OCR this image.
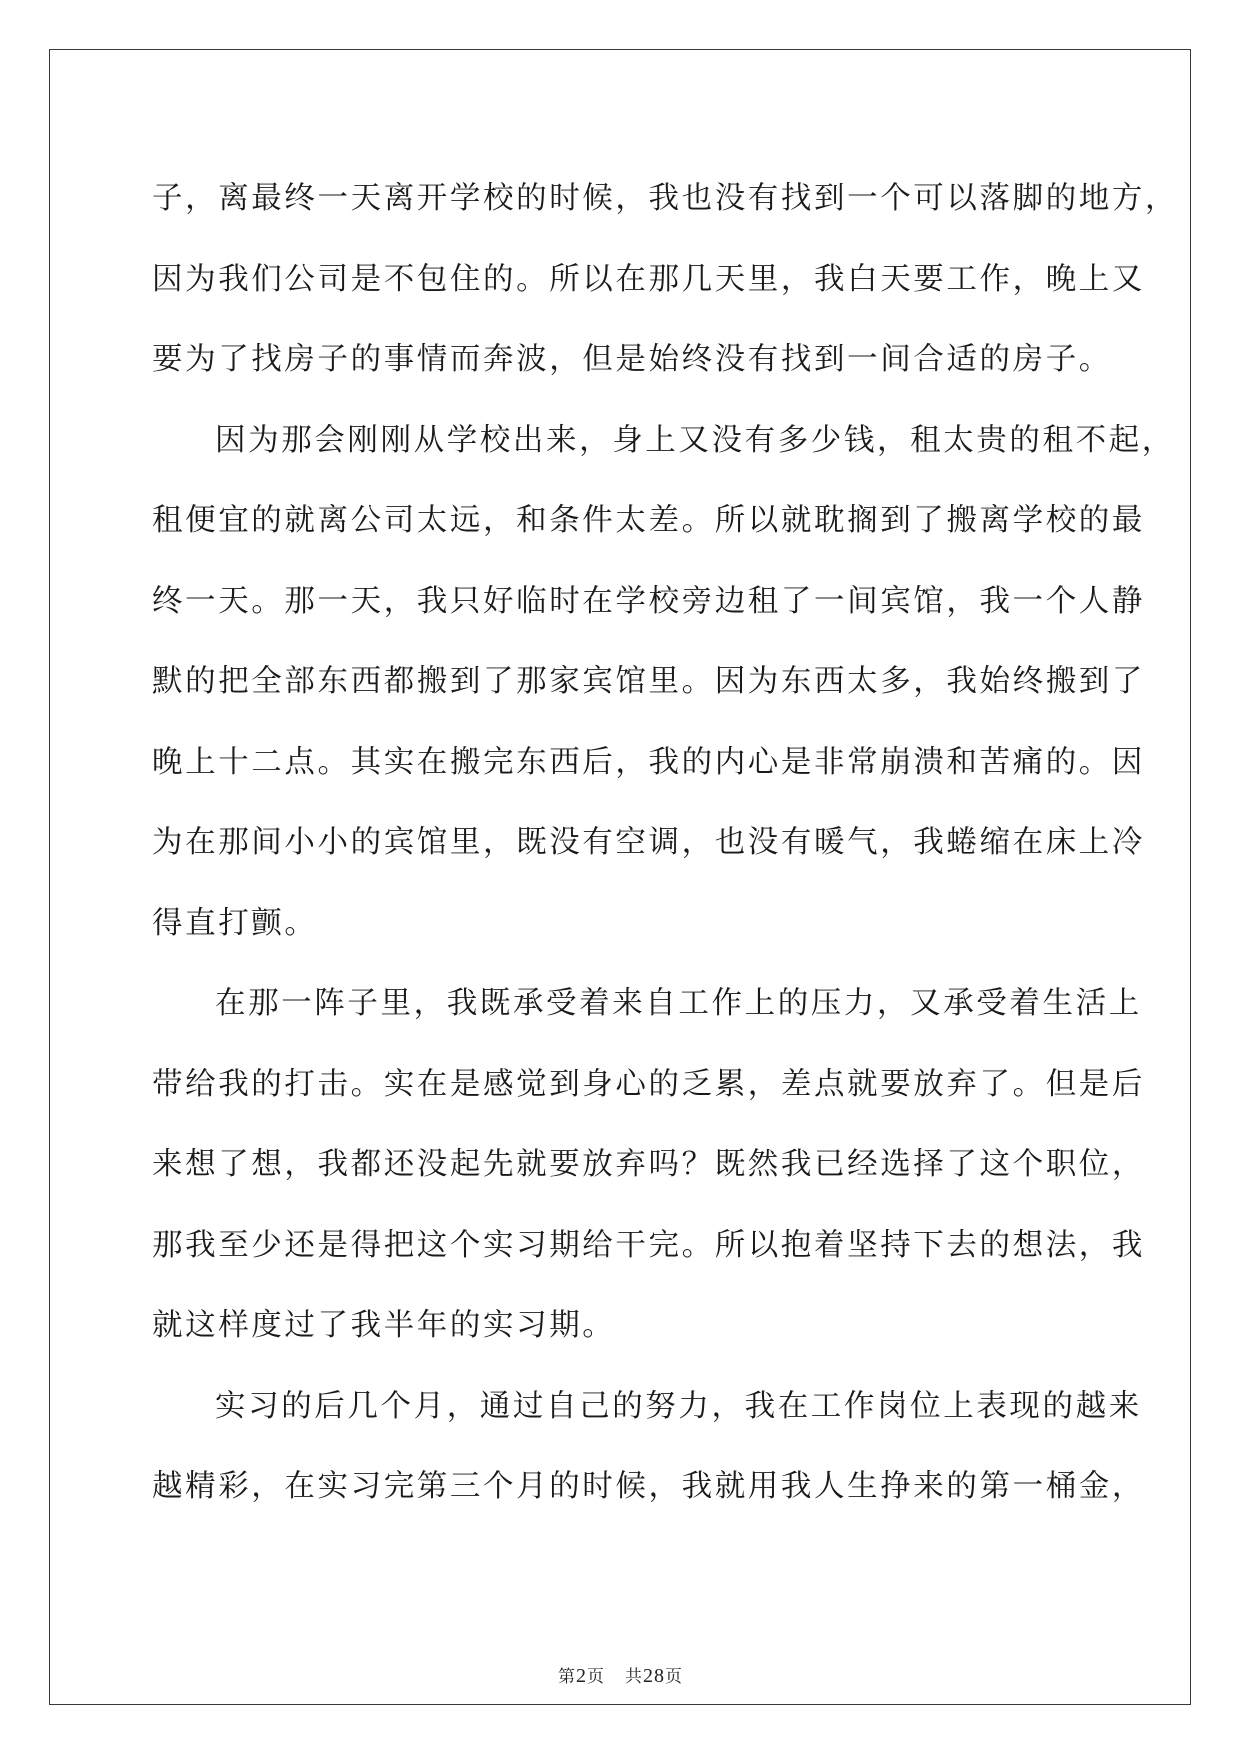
子，离最终一天离开学校的时候，我也没有找到一个可以落脚的地方，
因为我们公司是不包住的。所以在那几天里，我白天要工作，晚上又
要为了找房子的事情而奔波，但是始终没有找到一间合适的房子。
因为那会刚刚从学校出来，身上又没有多少钱，租太贵的租不起，
租便宜的就离公司太远，和条件太差。所以就耽搁到了搬离学校的最
终一天。那一天，我只好临时在学校旁边租了一间宾馆，我一个人静
默的把全部东西都搬到了那家宾馆里。因为东西太多，我始终搬到了
晚上十二点。其实在搬完东西后，我的内心是非常崩溃和苦痛的。因
为在那间小小的宾馆里，既没有空调，也没有暖气，我蜷缩在床上冷
得直打颤。
在那一阵子里，我既承受着来自工作上的压力，又承受着生活上
带给我的打击。实在是感觉到身心的乏累，差点就要放弃了。但是后
来想了想，我都还没起先就要放弃吗？既然我已经选择了这个职位，
那我至少还是得把这个实习期给干完。所以抱着坚持下去的想法，我
就这样度过了我半年的实习期。
实习的后几个月，通过自己的努力，我在工作岗位上表现的越来
越精彩，在实习完第三个月的时候，我就用我人生挣来的第一桶金，
第2页 共28页
